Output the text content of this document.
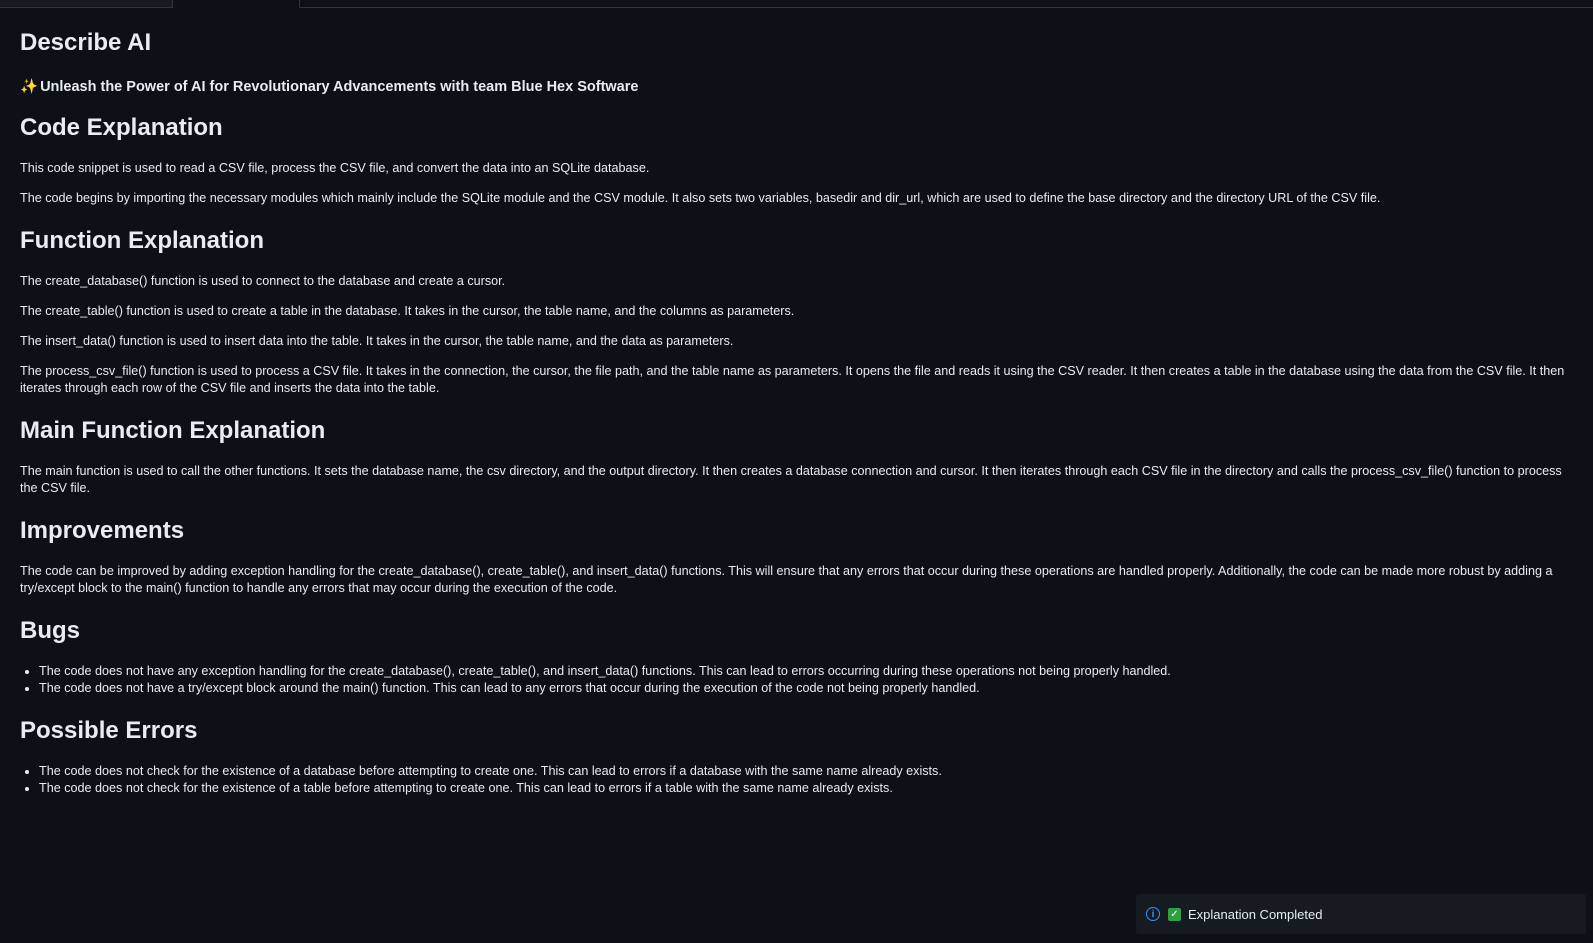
Describe AI
✨ Unleash the Power of AI for Revolutionary Advancements with team Blue Hex Software
Code Explanation

This code snippet is used to read a CSV file, process the CSV file, and convert the data into an SQLite database.

The code begins by importing the necessary modules which mainly include the SQLite module and the CSV module. It also sets two variables, basedir and dir_url, which are used to define the base directory and the directory URL of the CSV file.

Function Explanation

The create_database() function is used to connect to the database and create a cursor.

The create_table() function is used to create a table in the database. It takes in the cursor, the table name, and the columns as parameters.

The insert_data() function is used to insert data into the table. It takes in the cursor, the table name, and the data as parameters.

The process_csv_file() function is used to process a CSV file. It takes in the connection, the cursor, the file path, and the table name as parameters. It opens the file and reads it using the CSV reader. It then creates a table in the database using the data from the CSV file. It then iterates through each row of the CSV file and inserts the data into the table.

Main Function Explanation

The main function is used to call the other functions. It sets the database name, the csv directory, and the output directory. It then creates a database connection and cursor. It then iterates through each CSV file in the directory and calls the process_csv_file() function to process the CSV file.

Improvements

The code can be improved by adding exception handling for the create_database(), create_table(), and insert_data() functions. This will ensure that any errors that occur during these operations are handled properly. Additionally, the code can be made more robust by adding a try/except block to the main() function to handle any errors that may occur during the execution of the code.

Bugs
• The code does not have any exception handling for the create_database(), create_table(), and insert_data() functions. This can lead to errors occurring during these operations not being properly handled.
• The code does not have a try/except block around the main() function. This can lead to any errors that occur during the execution of the code not being properly handled.
Possible Errors
• The code does not check for the existence of a database before attempting to create one. This can lead to errors if a database with the same name already exists.
• The code does not check for the existence of a table before attempting to create one. This can lead to errors if a table with the same name already exists.
i	✓ Explanation Completed
